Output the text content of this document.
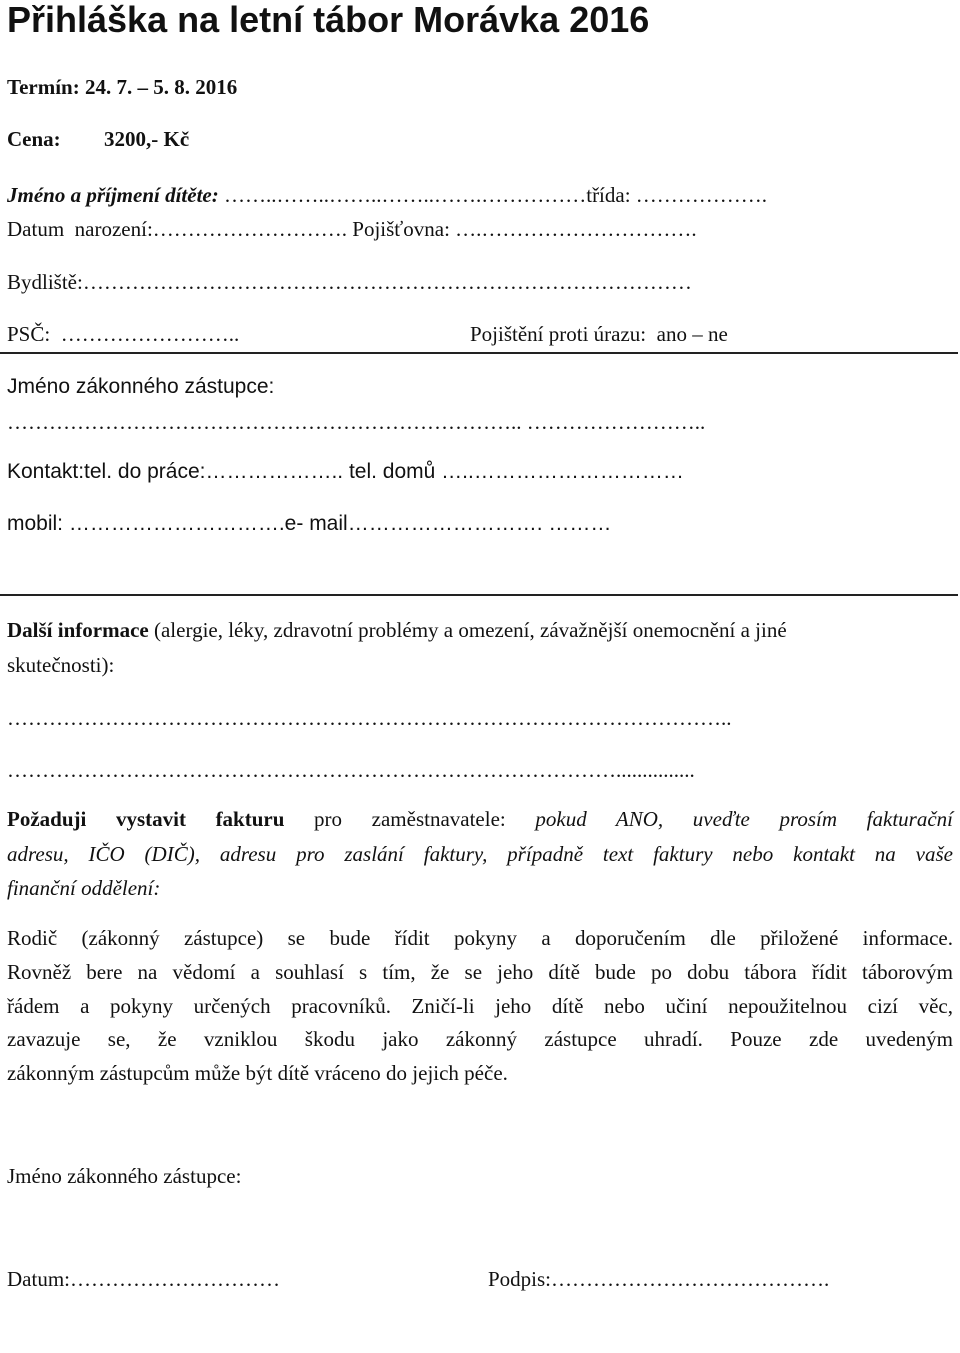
Přihláška na letní tábor Morávka 2016
Termín: 24. 7. – 5. 8. 2016
Cena: 3200,- Kč
Jméno a příjmení dítěte: ……..……..……..……..…….……………třída: ……………….
Datum  narození:………………………. Pojišťovna: ….………………………….
Bydliště:……………………………………………………………………………
PSČ:  ……………………..	Pojištění proti úrazu:  ano – ne
Jméno zákonného zástupce:
……………………………………………………………….. ……………………..
Kontakt:tel. do práce:……………….. tel. domů …..…………………………
mobil: ………………………….e- mail………………………. ………
Další informace (alergie, léky, zdravotní problémy a omezení, závažnější onemocnění a jiné
skutečnosti):
…………………………………………………………………………………………..
……………………………………………………………………………...............
Požaduji vystavit fakturu pro zaměstnavatele: pokud ANO, uveďte prosím fakturační
adresu, IČO (DIČ), adresu pro zaslání faktury, případně text faktury nebo kontakt na vaše
finanční oddělení:
Rodič (zákonný zástupce) se bude řídit pokyny a doporučením dle přiložené informace.
Rovněž bere na vědomí a souhlasí s tím, že se jeho dítě bude po dobu tábora řídit táborovým
řádem a pokyny určených pracovníků. Zničí-li jeho dítě nebo učiní nepoužitelnou cizí věc,
zavazuje se, že vzniklou škodu jako zákonný zástupce uhradí. Pouze zde uvedeným
zákonným zástupcům může být dítě vráceno do jejich péče.
Jméno zákonného zástupce:
Datum:…………………………	Podpis:………………………………….
